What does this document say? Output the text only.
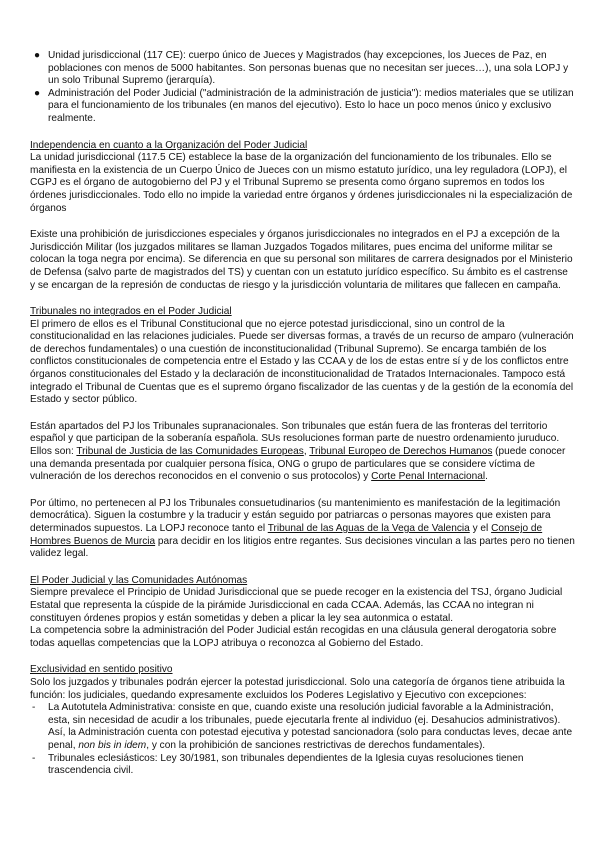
● Unidad jurisdiccional (117 CE): cuerpo único de Jueces y Magistrados (hay excepciones, los Jueces de Paz, en poblaciones con menos de 5000 habitantes. Son personas buenas que no necesitan ser jueces…), una sola LOPJ y un solo Tribunal Supremo (jerarquía).
● Administración del Poder Judicial ("administración de la administración de justicia"): medios materiales que se utilizan para el funcionamiento de los tribunales (en manos del ejecutivo). Esto lo hace un poco menos único y exclusivo realmente.
Independencia en cuanto a la Organización del Poder Judicial

La unidad jurisdiccional (117.5 CE) establece la base de la organización del funcionamiento de los tribunales. Ello se manifiesta en la existencia de un Cuerpo Único de Jueces con un mismo estatuto jurídico, una ley reguladora (LOPJ), el CGPJ es el órgano de autogobierno del PJ y el Tribunal Supremo se presenta como órgano supremos en todos los órdenes jurisdiccionales. Todo ello no impide la variedad entre órganos y órdenes jurisdiccionales ni la especialización de órganos

Existe una prohibición de jurisdicciones especiales y órganos jurisdiccionales no integrados en el PJ a excepción de la Jurisdicción Militar (los juzgados militares se llaman Juzgados Togados militares, pues encima del uniforme militar se colocan la toga negra por encima). Se diferencia en que su personal son militares de carrera designados por el Ministerio de Defensa (salvo parte de magistrados del TS) y cuentan con un estatuto jurídico específico. Su ámbito es el castrense y se encargan de la represión de conductas de riesgo y la jurisdicción voluntaria de militares que fallecen en campaña.

Tribunales no integrados en el Poder Judicial

El primero de ellos es el Tribunal Constitucional que no ejerce potestad jurisdiccional, sino un control de la constitucionalidad en las relaciones judiciales. Puede ser diversas formas, a través de un recurso de amparo (vulneración de derechos fundamentales) o una cuestión de inconstitucionalidad (Tribunal Supremo). Se encarga también de los conflictos constitucionales de competencia entre el Estado y las CCAA y de los de estas entre sí y de los conflictos entre órganos constitucionales del Estado y la declaración de inconstitucionalidad de Tratados Internacionales. Tampoco está integrado el Tribunal de Cuentas que es el supremo órgano fiscalizador de las cuentas y de la gestión de la economía del Estado y sector público.

Están apartados del PJ los Tribunales supranacionales. Son tribunales que están fuera de las fronteras del territorio español y que participan de la soberanía española. SUs resoluciones forman parte de nuestro ordenamiento juruduco. Ellos son: Tribunal de Justicia de las Comunidades Europeas, Tribunal Europeo de Derechos Humanos (puede conocer una demanda presentada por cualquier persona física, ONG o grupo de particulares que se considere víctima de vulneración de los derechos reconocidos en el convenio o sus protocolos) y Corte Penal Internacional.

Por último, no pertenecen al PJ los Tribunales consuetudinarios (su mantenimiento es manifestación de la legitimación democrática). Siguen la costumbre y la traducir y están seguido por patriarcas o personas mayores que existen para determinados supuestos. La LOPJ reconoce tanto el Tribunal de las Aguas de la Vega de Valencia y el Consejo de Hombres Buenos de Murcia para decidir en los litigios entre regantes. Sus decisiones vinculan a las partes pero no tienen validez legal.

El Poder Judicial y las Comunidades Autónomas

Siempre prevalece el Principio de Unidad Jurisdiccional que se puede recoger en la existencia del TSJ, órgano Judicial Estatal que representa la cúspide de la pirámide Jurisdiccional en cada CCAA. Además, las CCAA no integran ni constituyen órdenes propios y están sometidas y deben a plicar la ley sea autonmica o estatal.

La competencia sobre la administración del Poder Judicial están recogidas en una cláusula general derogatoria sobre todas aquellas competencias que la LOPJ atribuya o reconozca al Gobierno del Estado.

Exclusividad en sentido positivo

Solo los juzgados y tribunales podrán ejercer la potestad jurisdiccional. Solo una categoría de órganos tiene atribuida la función: los judiciales, quedando expresamente excluidos los Poderes Legislativo y Ejecutivo con excepciones:

- La Autotutela Administrativa: consiste en que, cuando existe una resolución judicial favorable a la Administración, esta, sin necesidad de acudir a los tribunales, puede ejecutarla frente al individuo (ej. Desahucios administrativos). Así, la Administración cuenta con potestad ejecutiva y potestad sancionadora (solo para conductas leves, decae ante penal, non bis in idem, y con la prohibición de sanciones restrictivas de derechos fundamentales).
- Tribunales eclesiásticos: Ley 30/1981, son tribunales dependientes de la Iglesia cuyas resoluciones tienen trascendencia civil.
